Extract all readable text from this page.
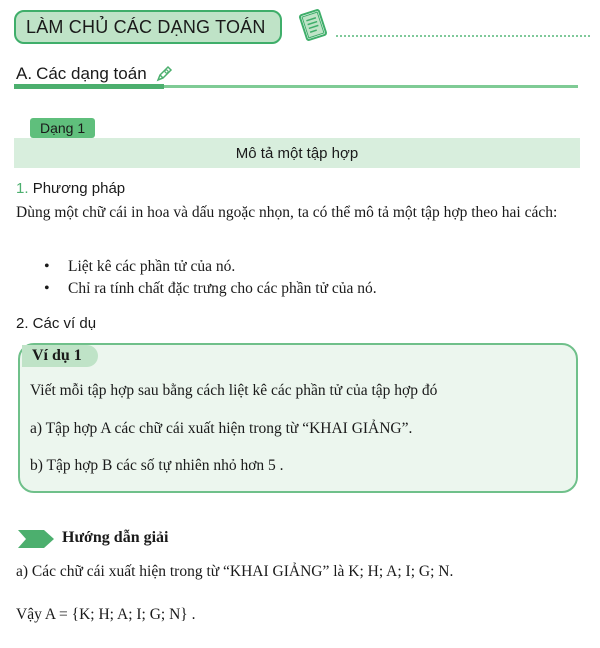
LÀM CHỦ CÁC DẠNG TOÁN
A. Các dạng toán
Dạng 1
Mô tả một tập hợp
1. Phương pháp
Dùng một chữ cái in hoa và dấu ngoặc nhọn, ta có thể mô tả một tập hợp theo hai cách:
• Liệt kê các phần tử của nó.
• Chỉ ra tính chất đặc trưng cho các phần tử của nó.
2. Các ví dụ
Ví dụ 1
Viết mỗi tập hợp sau bằng cách liệt kê các phần tử của tập hợp đó
a) Tập hợp A các chữ cái xuất hiện trong từ “KHAI GIẢNG”.
b) Tập hợp B các số tự nhiên nhỏ hơn 5 .
Hướng dẫn giải
a) Các chữ cái xuất hiện trong từ “KHAI GIẢNG” là K; H; A; I; G; N.
Vậy A = {K; H; A; I; G; N} .
